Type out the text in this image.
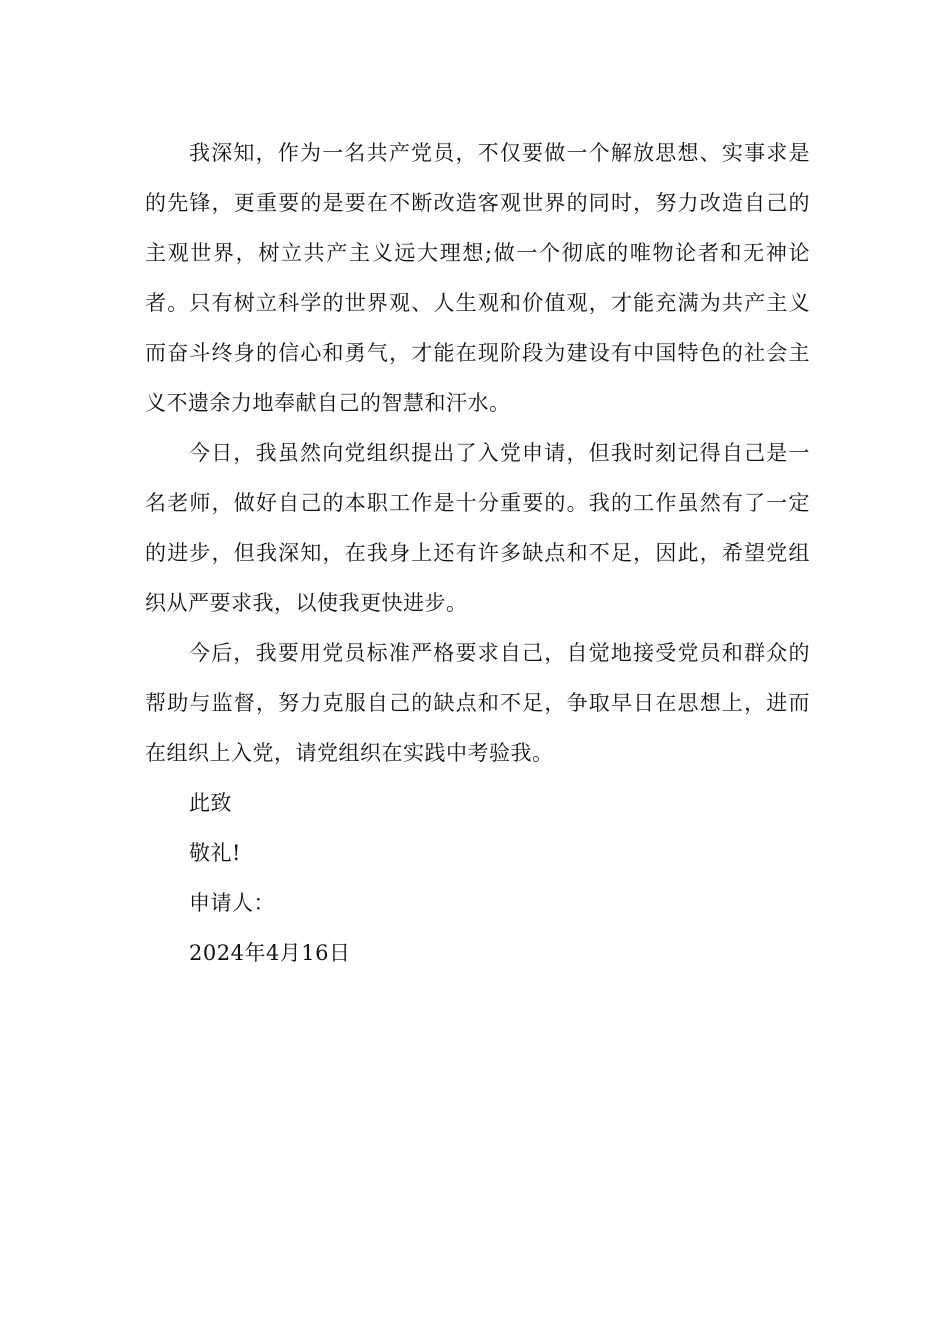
我深知，作为一名共产党员，不仅要做一个解放思想、实事求是的先锋，更重要的是要在不断改造客观世界的同时，努力改造自己的主观世界，树立共产主义远大理想;做一个彻底的唯物论者和无神论者。只有树立科学的世界观、人生观和价值观，才能充满为共产主义而奋斗终身的信心和勇气，才能在现阶段为建设有中国特色的社会主义不遗余力地奉献自己的智慧和汗水。

今日，我虽然向党组织提出了入党申请，但我时刻记得自己是一名老师，做好自己的本职工作是十分重要的。我的工作虽然有了一定的进步，但我深知，在我身上还有许多缺点和不足，因此，希望党组织从严要求我，以使我更快进步。

今后，我要用党员标准严格要求自己，自觉地接受党员和群众的帮助与监督，努力克服自己的缺点和不足，争取早日在思想上，进而在组织上入党，请党组织在实践中考验我。

此致

敬礼!

申请人：

2024年4月16日
